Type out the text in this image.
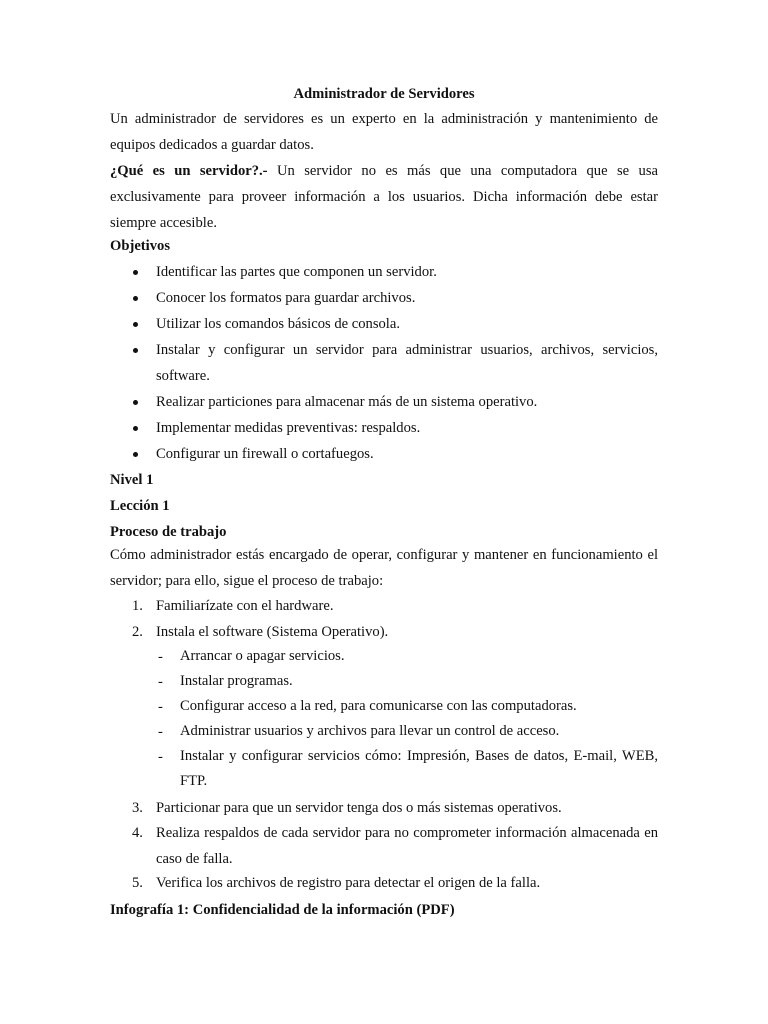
Administrador de Servidores
Un administrador de servidores es un experto en la administración y mantenimiento de equipos dedicados a guardar datos.
¿Qué es un servidor?.- Un servidor no es más que una computadora que se usa exclusivamente para proveer información a los usuarios. Dicha información debe estar siempre accesible.
Objetivos
Identificar las partes que componen un servidor.
Conocer los formatos para guardar archivos.
Utilizar los comandos básicos de consola.
Instalar y configurar un servidor para administrar usuarios, archivos, servicios, software.
Realizar particiones para almacenar más de un sistema operativo.
Implementar medidas preventivas: respaldos.
Configurar un firewall o cortafuegos.
Nivel 1
Lección 1
Proceso de trabajo
Cómo administrador estás encargado de operar, configurar y mantener en funcionamiento el servidor; para ello, sigue el proceso de trabajo:
1. Familiarízate con el hardware.
2. Instala el software (Sistema Operativo).
- Arrancar o apagar servicios.
- Instalar programas.
- Configurar acceso a la red, para comunicarse con las computadoras.
- Administrar usuarios y archivos para llevar un control de acceso.
- Instalar y configurar servicios cómo: Impresión, Bases de datos, E-mail, WEB, FTP.
3. Particionar para que un servidor tenga dos o más sistemas operativos.
4. Realiza respaldos de cada servidor para no comprometer información almacenada en caso de falla.
5. Verifica los archivos de registro para detectar el origen de la falla.
Infografía 1: Confidencialidad de la información (PDF)
